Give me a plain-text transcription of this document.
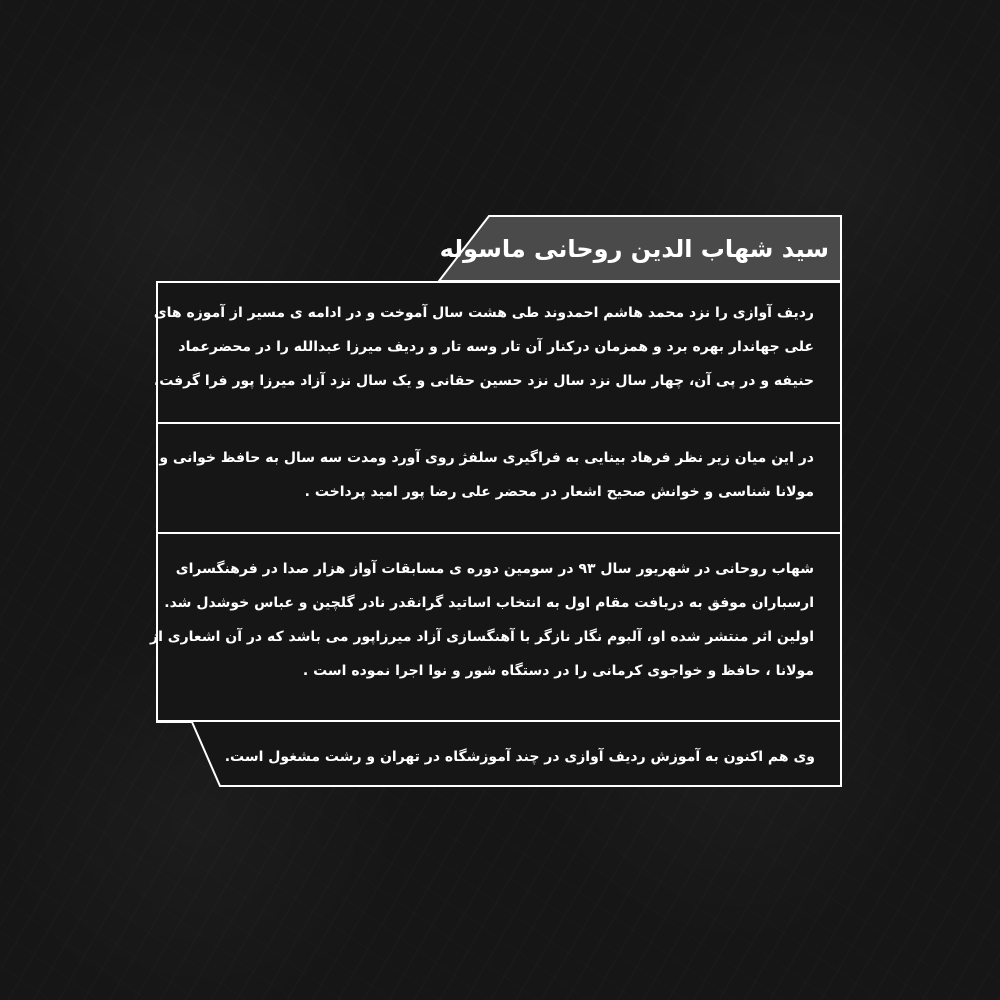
سید شهاب الدین روحانی ماسوله
ردیف آوازی را نزد محمد هاشم احمدوند طی هشت سال آموخت و در ادامه ی مسیر از آموزه های
علی جهاندار بهره برد و همزمان درکنار آن تار وسه تار و ردیف میرزا عبدالله را در محضرعماد
حنیفه و در پی آن، چهار سال نزد سال نزد حسین حقانی و یک سال نزد آزاد میرزا پور فرا گرفت.
در این میان زیر نظر فرهاد بینایی به فراگیری سلفژ روی آورد ومدت سه سال به حافظ خوانی و
مولانا شناسی و خوانش صحیح اشعار در محضر علی رضا پور امید پرداخت .
شهاب روحانی در شهریور سال ۹۳ در سومین دوره ی مسابقات آواز هزار صدا در فرهنگسرای
ارسباران موفق به دریافت مقام اول به انتخاب اساتید گرانقدر نادر گلچین و عباس خوشدل شد.
اولین اثر منتشر شده او، آلبوم نگار نازگر با آهنگسازی آزاد میرزاپور می باشد که در آن اشعاری از
مولانا ، حافظ و خواجوی کرمانی را در دستگاه شور و نوا اجرا نموده است .
وی هم اکنون به آموزش ردیف آوازی در چند آموزشگاه در تهران و رشت مشغول است.
